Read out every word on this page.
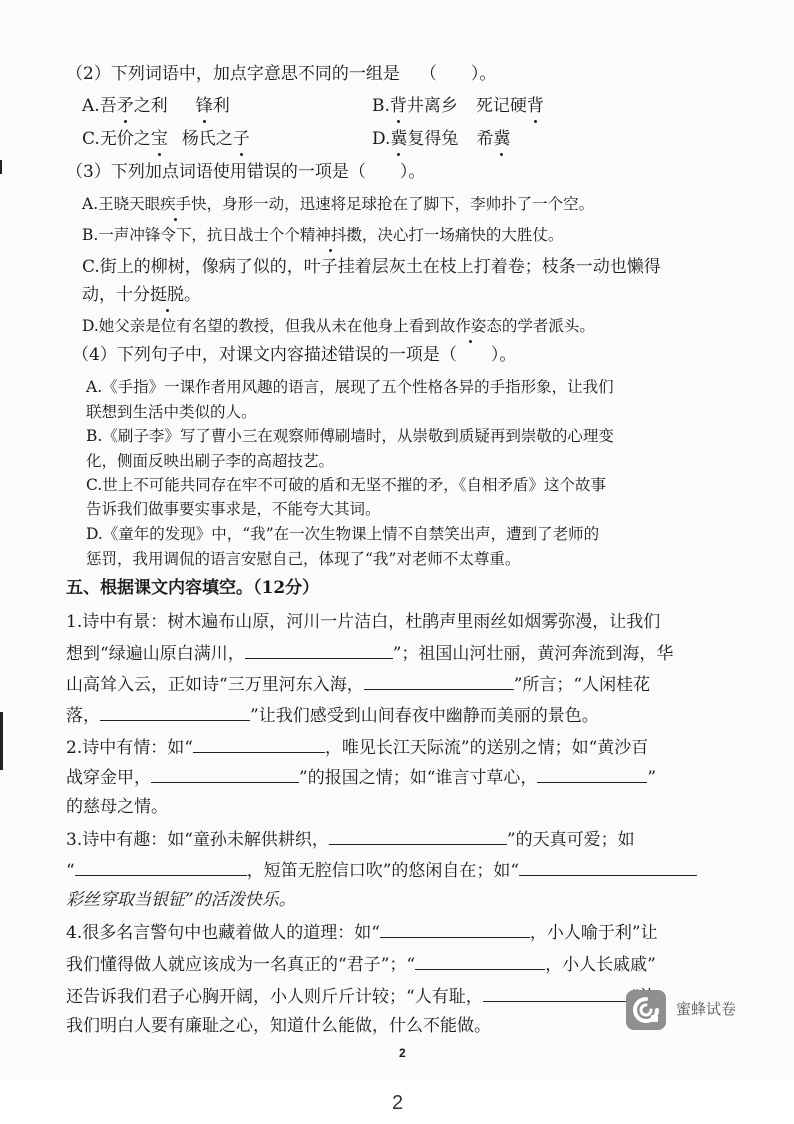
（2）下列词语中，加点字意思不同的一组是 （　　）。
A.吾矛之利 锋利	B.背井离乡 死记硬背
C.无价之宝 杨氏之子	D.冀复得兔 希冀
（3）下列加点词语使用错误的一项是（　　）。
A.王晓天眼疾手快，身形一动，迅速将足球抢在了脚下，李帅扑了一个空。
B.一声冲锋令下，抗日战士个个精神抖擞，决心打一场痛快的大胜仗。
C.街上的柳树，像病了似的，叶子挂着层灰土在枝上打着卷；枝条一动也懒得
动，十分挺脱。
D.她父亲是位有名望的教授，但我从未在他身上看到故作姿态的学者派头。
（4）下列句子中，对课文内容描述错误的一项是（　　）。
A.《手指》一课作者用风趣的语言，展现了五个性格各异的手指形象，让我们
联想到生活中类似的人。
B.《刷子李》写了曹小三在观察师傅刷墙时，从崇敬到质疑再到崇敬的心理变
化，侧面反映出刷子李的高超技艺。
C.世上不可能共同存在牢不可破的盾和无坚不摧的矛，《自相矛盾》这个故事
告诉我们做事要实事求是，不能夸大其词。
D.《童年的发现》中，“我”在一次生物课上情不自禁笑出声，遭到了老师的
惩罚，我用调侃的语言安慰自己，体现了“我”对老师不太尊重。
五、根据课文内容填空。（12分）
1.诗中有景：树木遍布山原，河川一片洁白，杜鹃声里雨丝如烟雾弥漫，让我们
想到“绿遍山原白满川，	”；祖国山河壮丽，黄河奔流到海，华
山高耸入云，正如诗“三万里河东入海，	”所言；“人闲桂花
落，	”让我们感受到山间春夜中幽静而美丽的景色。
2.诗中有情：如“	，唯见长江天际流”的送别之情；如“黄沙百
战穿金甲，	”的报国之情；如“谁言寸草心，	”
的慈母之情。
3.诗中有趣：如“童孙未解供耕织，	”的天真可爱；如
“	，短笛无腔信口吹”的悠闲自在；如“
彩丝穿取当银钲”的活泼快乐。
4.很多名言警句中也藏着做人的道理：如“	，小人喻于利”让
我们懂得做人就应该成为一名真正的“君子”；“	，小人长戚戚”
还告诉我们君子心胸开阔，小人则斤斤计较；“人有耻，
我们明白人要有廉耻之心，知道什么能做，什么不能做。
蜜蜂试卷
2
2
